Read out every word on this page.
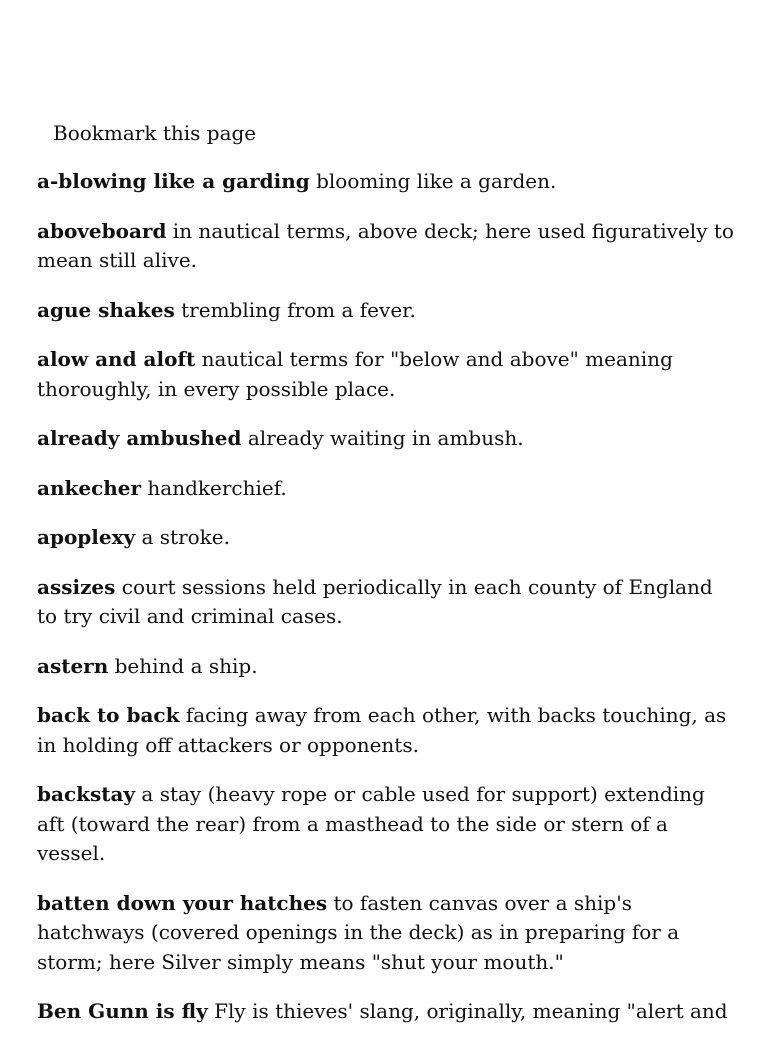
Bookmark this page

a-blowing like a garding blooming like a garden.

aboveboard in nautical terms, above deck; here used figuratively to mean still alive.

ague shakes trembling from a fever.

alow and aloft nautical terms for "below and above" meaning thoroughly, in every possible place.

already ambushed already waiting in ambush.

ankecher handkerchief.

apoplexy a stroke.

assizes court sessions held periodically in each county of England to try civil and criminal cases.

astern behind a ship.

back to back facing away from each other, with backs touching, as in holding off attackers or opponents.

backstay a stay (heavy rope or cable used for support) extending aft (toward the rear) from a masthead to the side or stern of a vessel.

batten down your hatches to fasten canvas over a ship's hatchways (covered openings in the deck) as in preparing for a storm; here Silver simply means "shut your mouth."

Ben Gunn is fly Fly is thieves' slang, originally, meaning "alert and
